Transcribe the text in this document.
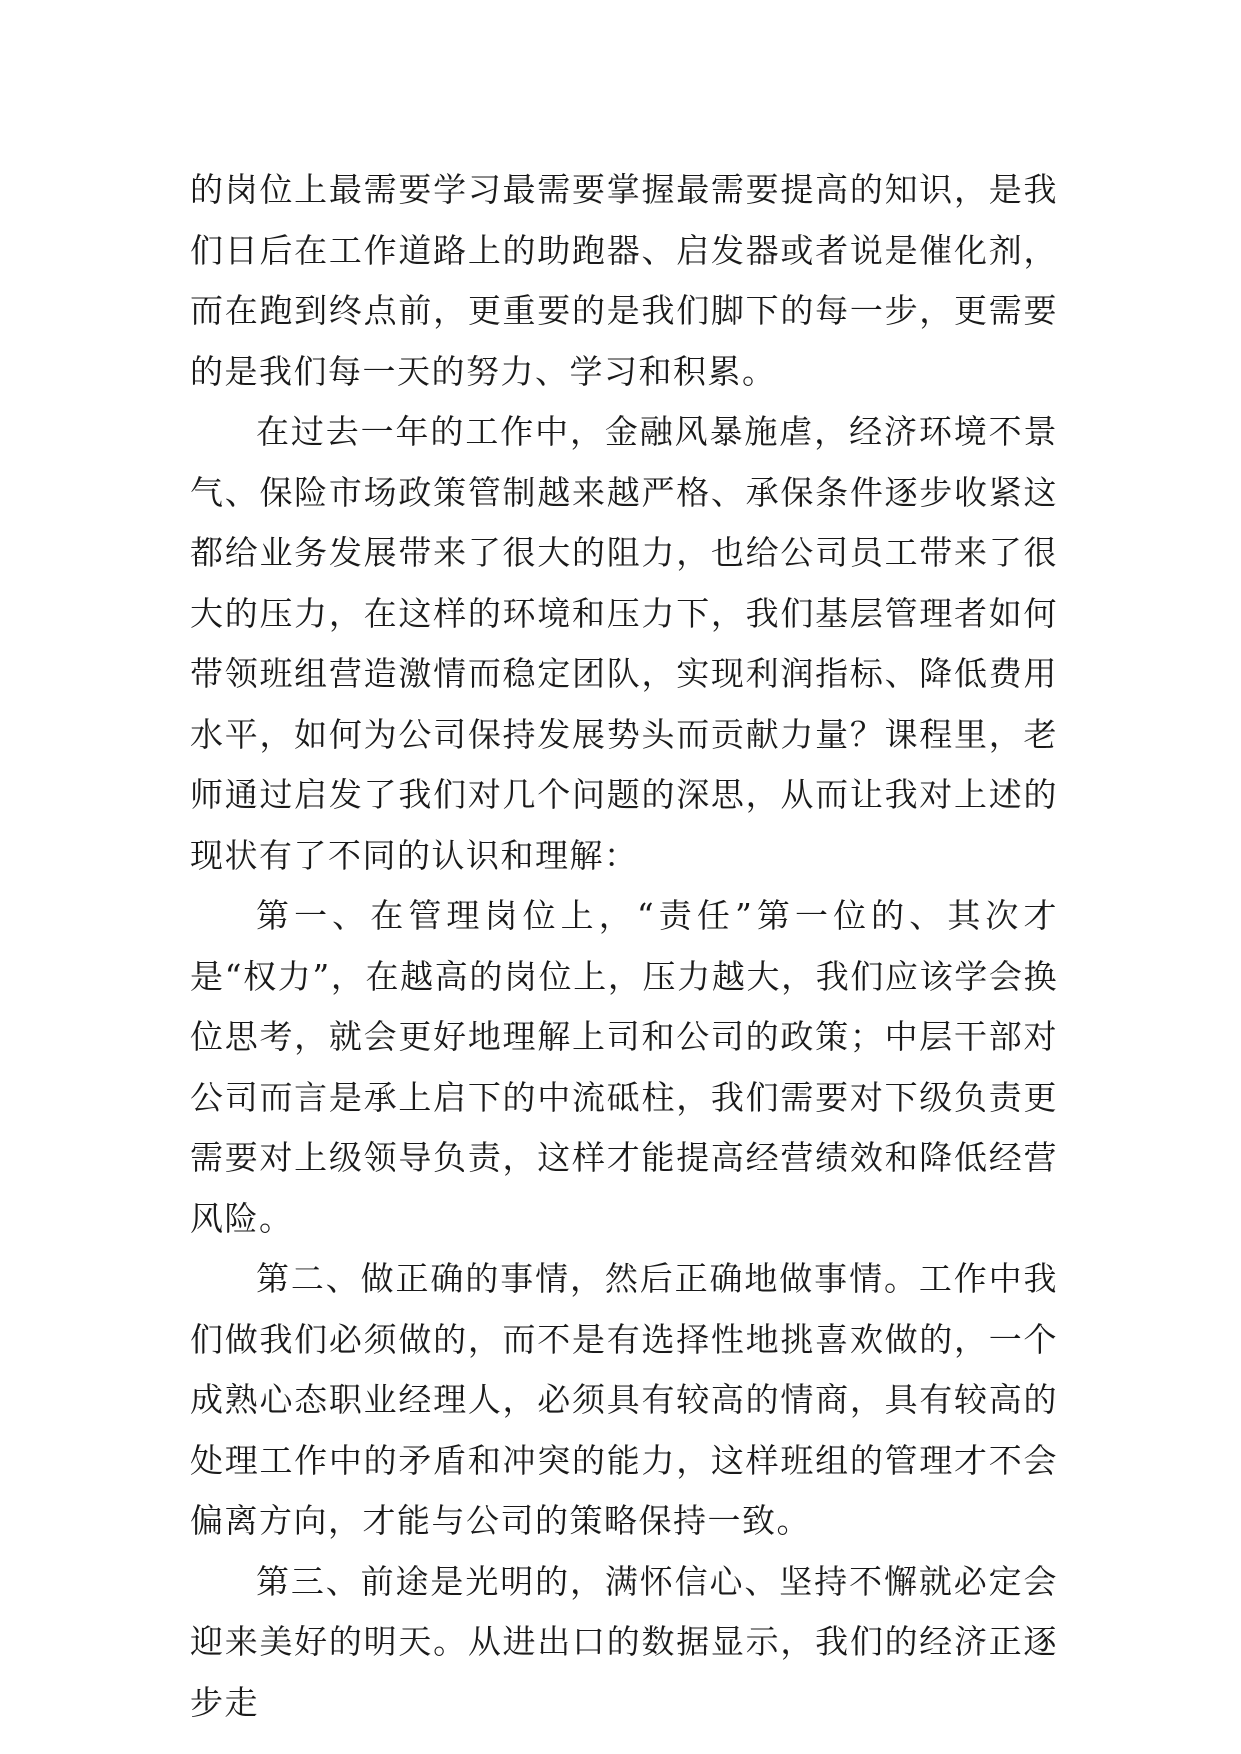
的岗位上最需要学习最需要掌握最需要提高的知识，是我们日后在工作道路上的助跑器、启发器或者说是催化剂，而在跑到终点前，更重要的是我们脚下的每一步，更需要的是我们每一天的努力、学习和积累。

在过去一年的工作中，金融风暴施虐，经济环境不景气、保险市场政策管制越来越严格、承保条件逐步收紧这都给业务发展带来了很大的阻力，也给公司员工带来了很大的压力，在这样的环境和压力下，我们基层管理者如何带领班组营造激情而稳定团队，实现利润指标、降低费用水平，如何为公司保持发展势头而贡献力量？课程里，老师通过启发了我们对几个问题的深思，从而让我对上述的现状有了不同的认识和理解：

第一、在管理岗位上，“责任”第一位的、其次才是“权力”，在越高的岗位上，压力越大，我们应该学会换位思考，就会更好地理解上司和公司的政策；中层干部对公司而言是承上启下的中流砥柱，我们需要对下级负责更需要对上级领导负责，这样才能提高经营绩效和降低经营风险。

第二、做正确的事情，然后正确地做事情。工作中我们做我们必须做的，而不是有选择性地挑喜欢做的，一个成熟心态职业经理人，必须具有较高的情商，具有较高的处理工作中的矛盾和冲突的能力，这样班组的管理才不会偏离方向，才能与公司的策略保持一致。

第三、前途是光明的，满怀信心、坚持不懈就必定会迎来美好的明天。从进出口的数据显示，我们的经济正逐步走
